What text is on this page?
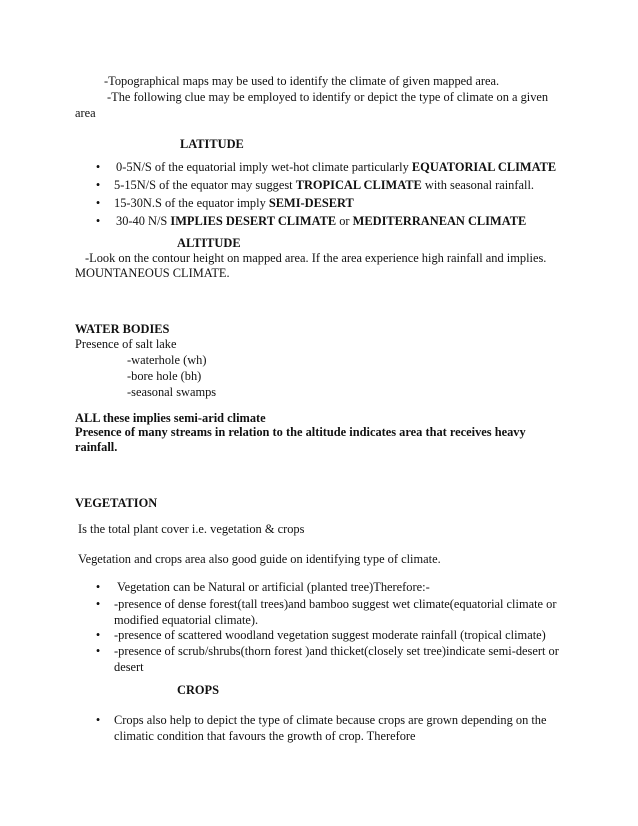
-Topographical maps may be used to identify the climate of given mapped area.
-The following clue may be employed to identify or depict the type of climate on a given
area
LATITUDE
•	0-5N/S of the equatorial imply wet-hot climate particularly EQUATORIAL CLIMATE
•	5-15N/S of the equator may suggest TROPICAL CLIMATE with seasonal rainfall.
•	15-30N.S of the equator imply SEMI-DESERT
•	30-40 N/S IMPLIES DESERT CLIMATE or MEDITERRANEAN CLIMATE
ALTITUDE
-Look on the contour height on mapped area. If the area experience high rainfall and implies.
MOUNTANEOUS CLIMATE.
WATER BODIES
Presence of salt lake
-waterhole (wh)
-bore hole (bh)
-seasonal swamps
ALL these implies semi-arid climate
Presence of many streams in relation to the altitude indicates area that receives heavy
rainfall.
VEGETATION
Is the total plant cover i.e. vegetation & crops
Vegetation and crops area also good guide on identifying type of climate.
•	Vegetation can be Natural or artificial (planted tree)Therefore:-
•	-presence of dense forest(tall trees)and bamboo suggest wet climate(equatorial climate or modified equatorial climate).
•	-presence of scattered woodland vegetation suggest moderate rainfall (tropical climate)
•	-presence of scrub/shrubs(thorn forest )and thicket(closely set tree)indicate semi-desert or desert
CROPS
•	Crops also help to depict the type of climate because crops are grown depending on the climatic condition that favours the growth of crop. Therefore
